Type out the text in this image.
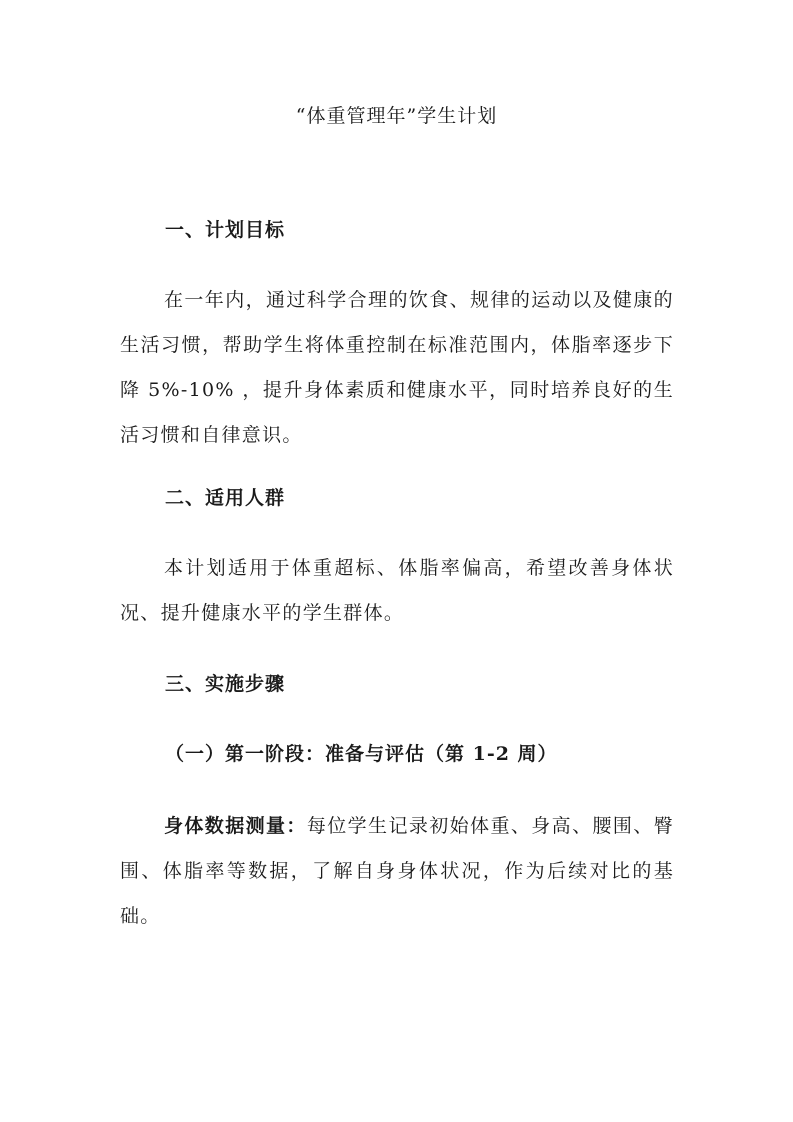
“体重管理年”学生计划
一、计划目标
在一年内，通过科学合理的饮食、规律的运动以及健康的生活习惯，帮助学生将体重控制在标准范围内，体脂率逐步下降 5%-10% ，提升身体素质和健康水平，同时培养良好的生活习惯和自律意识。
二、适用人群
本计划适用于体重超标、体脂率偏高，希望改善身体状况、提升健康水平的学生群体。
三、实施步骤
（一）第一阶段：准备与评估（第 1-2 周）
身体数据测量：每位学生记录初始体重、身高、腰围、臀围、体脂率等数据，了解自身身体状况，作为后续对比的基础。
